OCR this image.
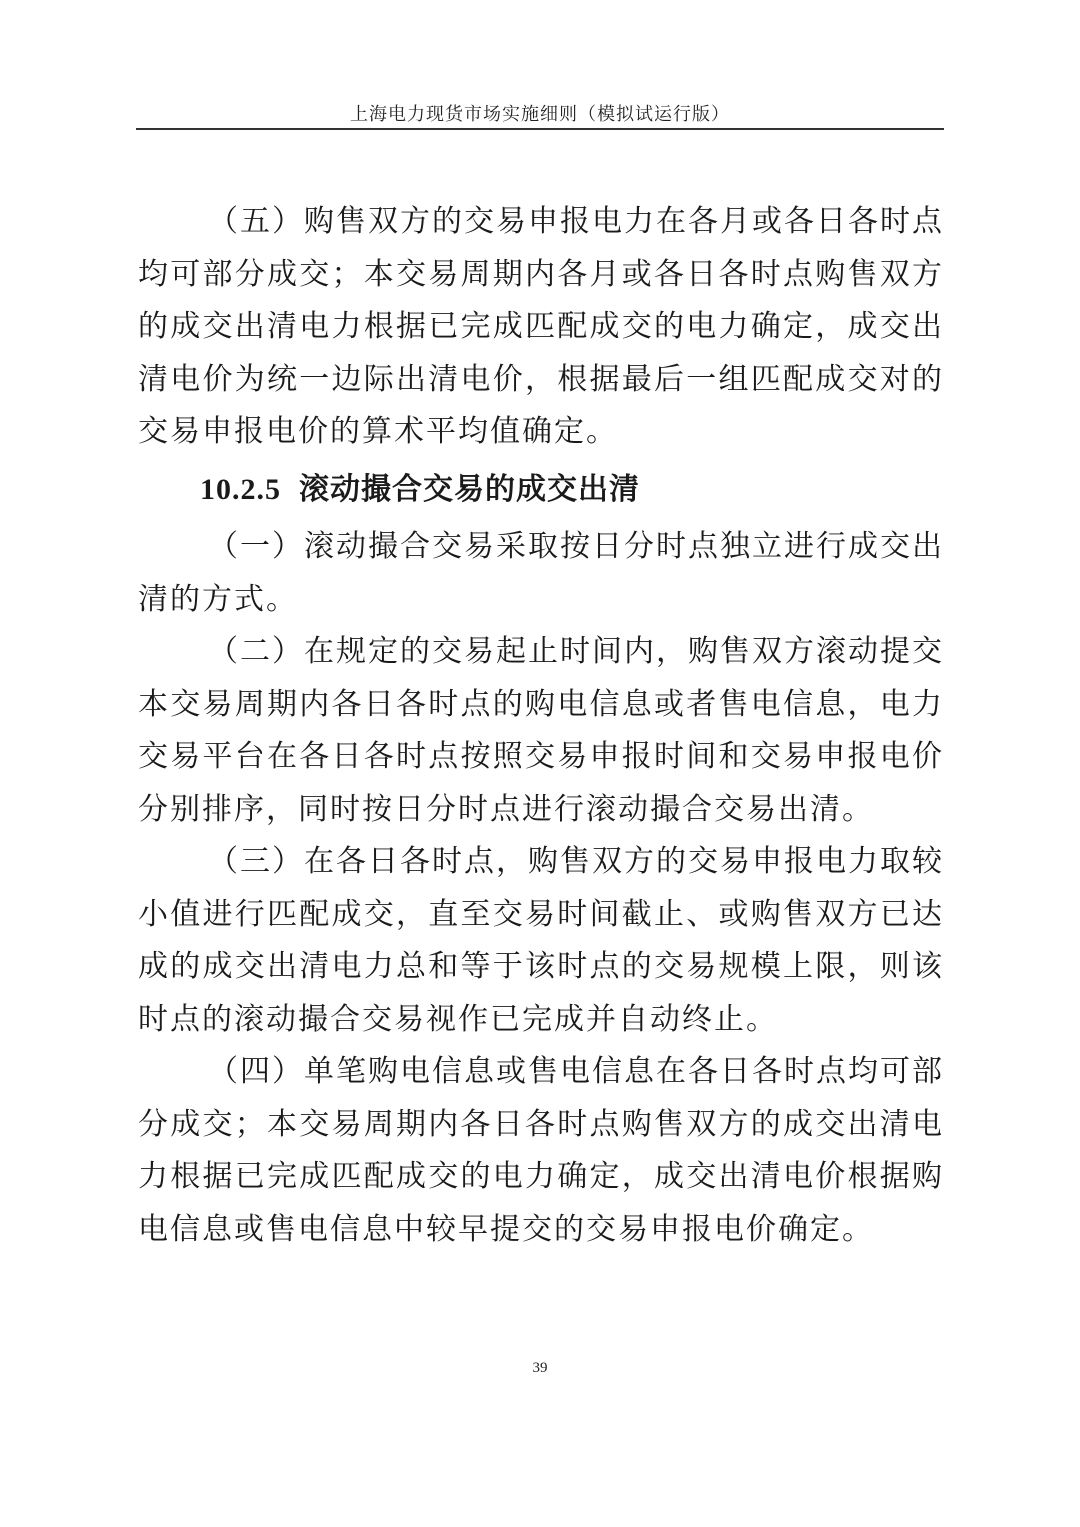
上海电力现货市场实施细则（模拟试运行版）

（五）购售双方的交易申报电力在各月或各日各时点均可部分成交；本交易周期内各月或各日各时点购售双方的成交出清电力根据已完成匹配成交的电力确定，成交出清电价为统一边际出清电价，根据最后一组匹配成交对的交易申报电价的算术平均值确定。

10.2.5 滚动撮合交易的成交出清

（一）滚动撮合交易采取按日分时点独立进行成交出清的方式。

（二）在规定的交易起止时间内，购售双方滚动提交本交易周期内各日各时点的购电信息或者售电信息，电力交易平台在各日各时点按照交易申报时间和交易申报电价分别排序，同时按日分时点进行滚动撮合交易出清。

（三）在各日各时点，购售双方的交易申报电力取较小值进行匹配成交，直至交易时间截止、或购售双方已达成的成交出清电力总和等于该时点的交易规模上限，则该时点的滚动撮合交易视作已完成并自动终止。

（四）单笔购电信息或售电信息在各日各时点均可部分成交；本交易周期内各日各时点购售双方的成交出清电力根据已完成匹配成交的电力确定，成交出清电价根据购电信息或售电信息中较早提交的交易申报电价确定。

39
